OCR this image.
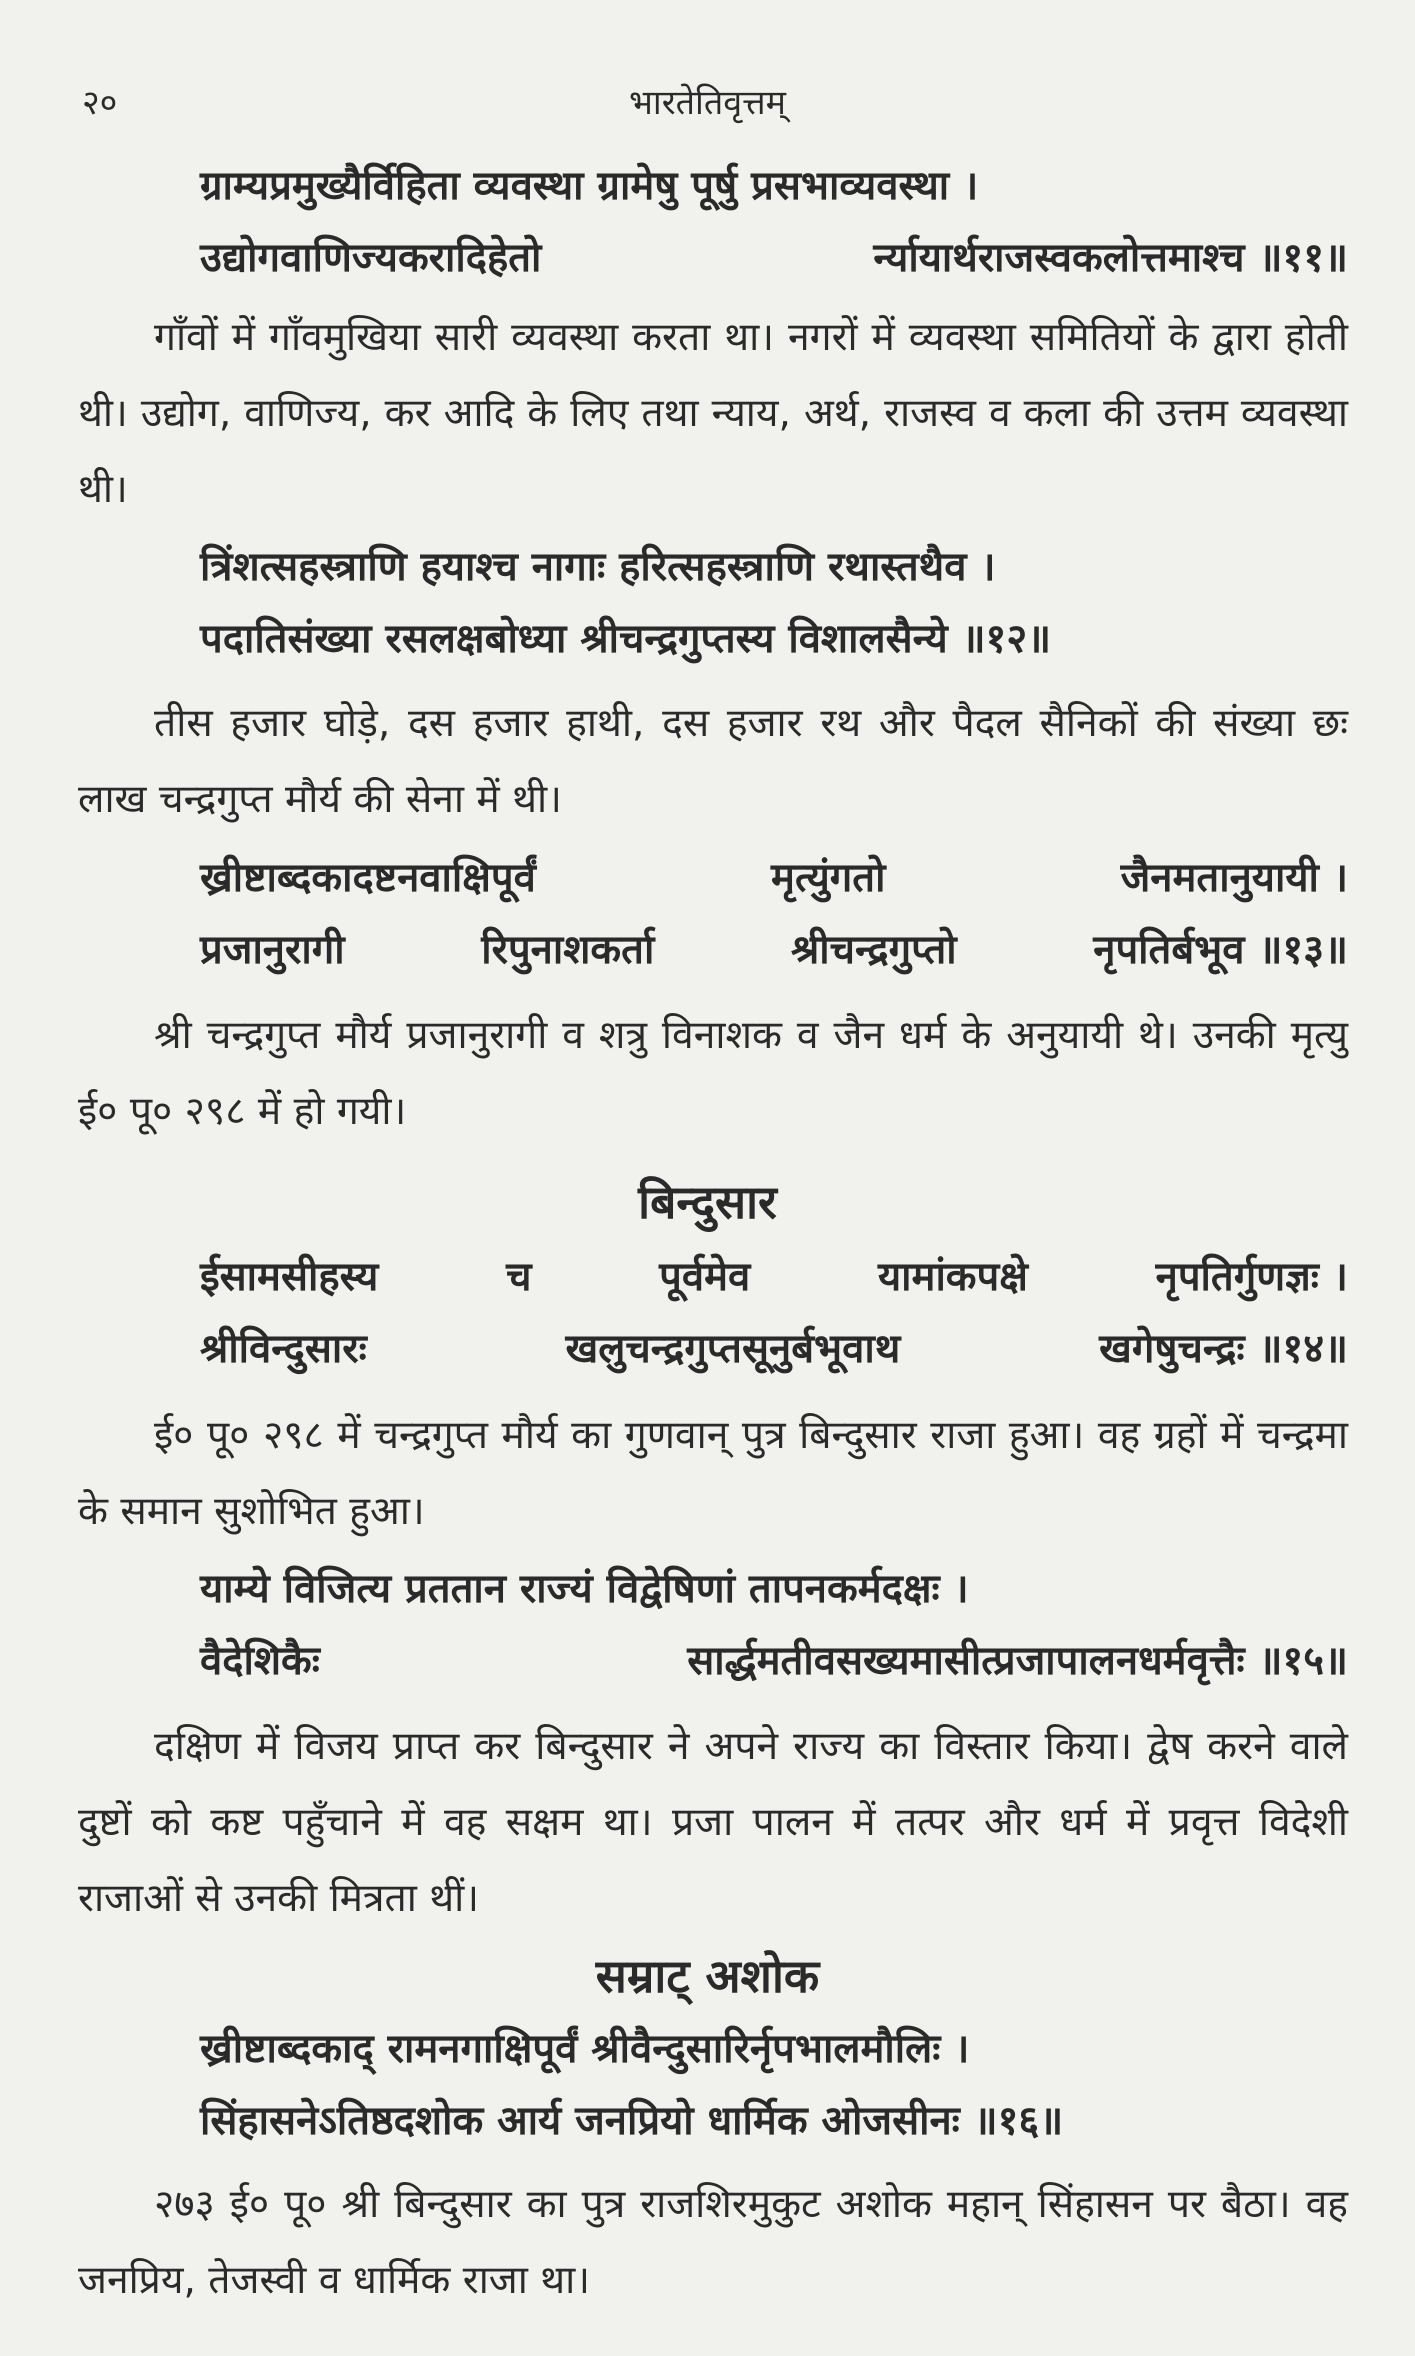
२०	भारतेतिवृत्तम्
ग्राम्यप्रमुख्यैर्विहिता व्यवस्था ग्रामेषु पूर्षु प्रसभाव्यवस्था ।
उद्योगवाणिज्यकरादिहेतो	र्न्यायार्थराजस्वकलोत्तमाश्च ॥११॥

गाँवों में गाँवमुखिया सारी व्यवस्था करता था। नगरों में व्यवस्था समितियों के द्वारा होती थी। उद्योग, वाणिज्य, कर आदि के लिए तथा न्याय, अर्थ, राजस्व व कला की उत्तम व्यवस्था थी।

त्रिंशत्सहस्त्राणि हयाश्च नागाः हरित्सहस्त्राणि रथास्तथैव ।
पदातिसंख्या रसलक्षबोध्या श्रीचन्द्रगुप्तस्य विशालसैन्ये ॥१२॥

तीस हजार घोड़े, दस हजार हाथी, दस हजार रथ और पैदल सैनिकों की संख्या छः लाख चन्द्रगुप्त मौर्य की सेना में थी।

ख्रीष्टाब्दकादष्टनवाक्षिपूर्वं	मृत्युंगतो	जैनमतानुयायी ।
प्रजानुरागी	रिपुनाशकर्ता	श्रीचन्द्रगुप्तो	नृपतिर्बभूव ॥१३॥

श्री चन्द्रगुप्त मौर्य प्रजानुरागी व शत्रु विनाशक व जैन धर्म के अनुयायी थे। उनकी मृत्यु ई० पू० २९८ में हो गयी।

बिन्दुसार
ईसामसीहस्य	च	पूर्वमेव	यामांकपक्षे	नृपतिर्गुणज्ञः ।
श्रीविन्दुसारः	खलुचन्द्रगुप्तसूनुर्बभूवाथ	खगेषुचन्द्रः ॥१४॥

ई० पू० २९८ में चन्द्रगुप्त मौर्य का गुणवान् पुत्र बिन्दुसार राजा हुआ। वह ग्रहों में चन्द्रमा के समान सुशोभित हुआ।

याम्ये विजित्य प्रततान राज्यं विद्वेषिणां तापनकर्मदक्षः ।
वैदेशिकैः	सार्द्धमतीवसख्यमासीत्प्रजापालनधर्मवृत्तैः ॥१५॥

दक्षिण में विजय प्राप्त कर बिन्दुसार ने अपने राज्य का विस्तार किया। द्वेष करने वाले दुष्टों को कष्ट पहुँचाने में वह सक्षम था। प्रजा पालन में तत्पर और धर्म में प्रवृत्त विदेशी राजाओं से उनकी मित्रता थीं।

सम्राट् अशोक
ख्रीष्टाब्दकाद् रामनगाक्षिपूर्वं श्रीवैन्दुसारिर्नृपभालमौलिः ।
सिंहासनेऽतिष्ठदशोक आर्य जनप्रियो धार्मिक ओजसीनः ॥१६॥

२७३ ई० पू० श्री बिन्दुसार का पुत्र राजशिरमुकुट अशोक महान् सिंहासन पर बैठा। वह जनप्रिय, तेजस्वी व धार्मिक राजा था।
